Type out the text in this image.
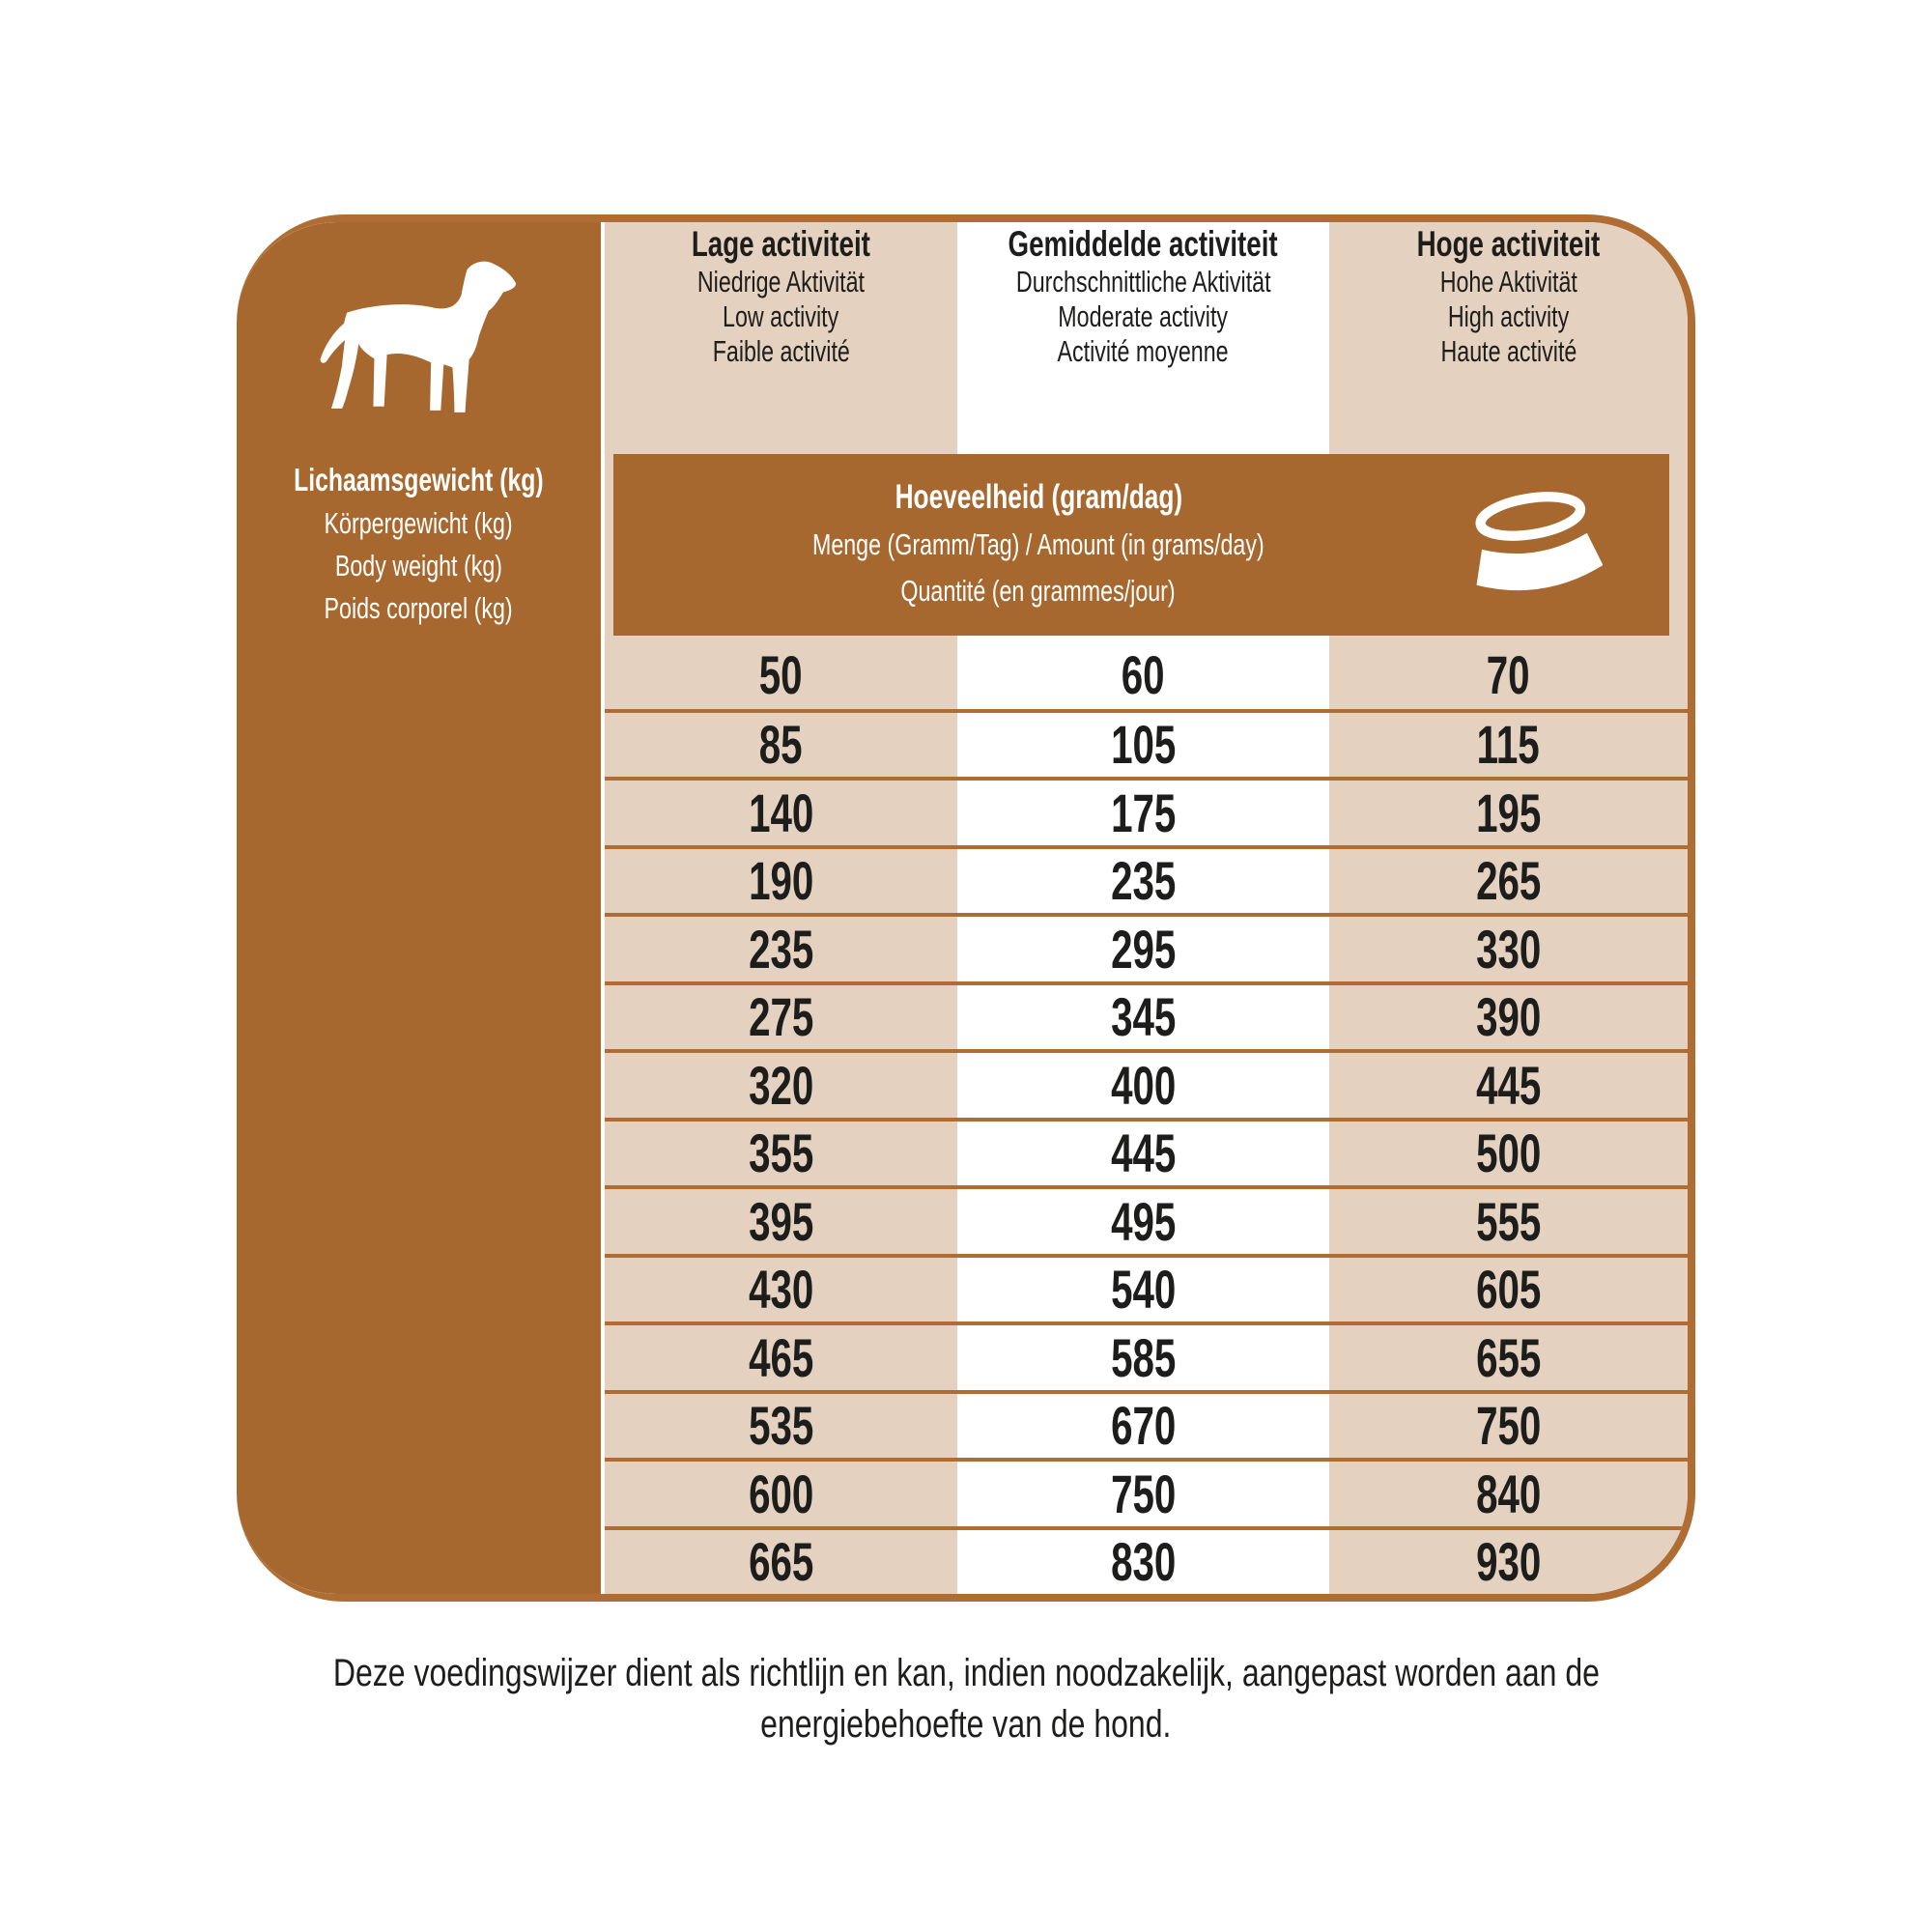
Lage activiteit
Niedrige Aktivität
Low activity
Faible activité
Gemiddelde activiteit
Durchschnittliche Aktivität
Moderate activity
Activité moyenne
Hoge activiteit
Hohe Aktivität
High activity
Haute activité
Hoeveelheid (gram/dag)
Menge (Gramm/Tag) / Amount (in grams/day)
Quantité (en grammes/jour)
50	60	70
85	105	115
140	175	195
190	235	265
235	295	330
275	345	390
320	400	445
355	445	500
395	495	555
430	540	605
465	585	655
535	670	750
600	750	840
665	830	930
Lichaamsgewicht (kg)
Körpergewicht (kg)
Body weight (kg)
Poids corporel (kg)
Deze voedingswijzer dient als richtlijn en kan, indien noodzakelijk, aangepast worden aan de
energiebehoefte van de hond.
